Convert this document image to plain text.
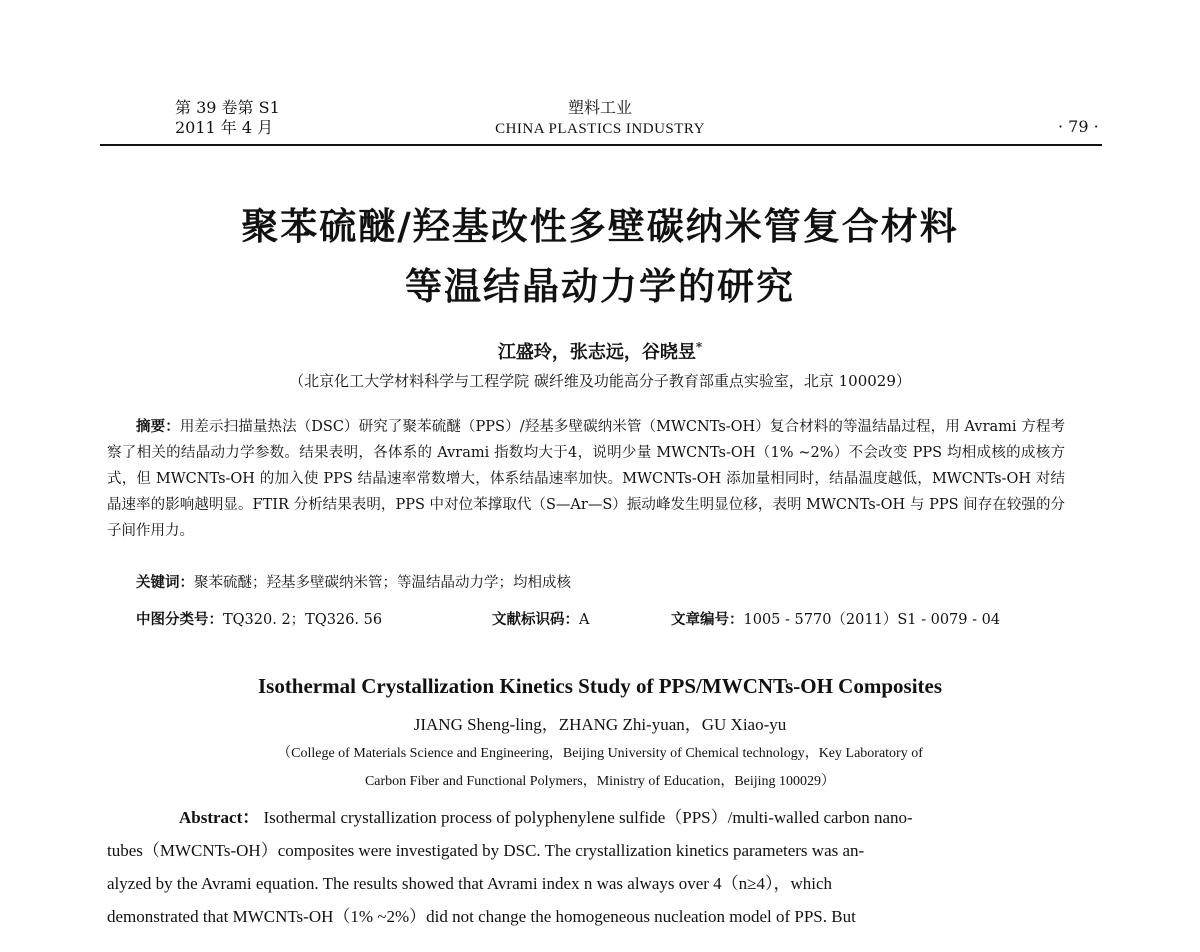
第 39 卷第 S1
2011 年 4 月
塑料工业
CHINA PLASTICS INDUSTRY	· 79 ·
聚苯硫醚/羟基改性多壁碳纳米管复合材料
等温结晶动力学的研究
江盛玲，张志远，谷晓昱*
（北京化工大学材料科学与工程学院 碳纤维及功能高分子教育部重点实验室，北京 100029）
摘要：用差示扫描量热法（DSC）研究了聚苯硫醚（PPS）/羟基多壁碳纳米管（MWCNTs-OH）复合材料的等温结晶过程，用 Avrami 方程考察了相关的结晶动力学参数。结果表明，各体系的 Avrami 指数均大于4，说明少量 MWCNTs-OH（1% ~2%）不会改变 PPS 均相成核的成核方式，但 MWCNTs-OH 的加入使 PPS 结晶速率常数增大，体系结晶速率加快。MWCNTs-OH 添加量相同时，结晶温度越低，MWCNTs-OH 对结晶速率的影响越明显。FTIR 分析结果表明，PPS 中对位苯撑取代（S—Ar—S）振动峰发生明显位移，表明 MWCNTs-OH 与 PPS 间存在较强的分子间作用力。
关键词：聚苯硫醚；羟基多壁碳纳米管；等温结晶动力学；均相成核
中图分类号：TQ320. 2；TQ326. 56	文献标识码：A	文章编号：1005 - 5770（2011）S1 - 0079 - 04
Isothermal Crystallization Kinetics Study of PPS/MWCNTs-OH Composites
JIANG Sheng-ling，ZHANG Zhi-yuan，GU Xiao-yu
（College of Materials Science and Engineering，Beijing University of Chemical technology，Key Laboratory of
Carbon Fiber and Functional Polymers，Ministry of Education，Beijing 100029）
Abstract： Isothermal crystallization process of polyphenylene sulfide（PPS）/multi-walled carbon nano-
tubes（MWCNTs-OH）composites were investigated by DSC. The crystallization kinetics parameters was an-
alyzed by the Avrami equation. The results showed that Avrami index n was always over 4（n≥4），which
demonstrated that MWCNTs-OH（1% ~2%）did not change the homogeneous nucleation model of PPS. But
